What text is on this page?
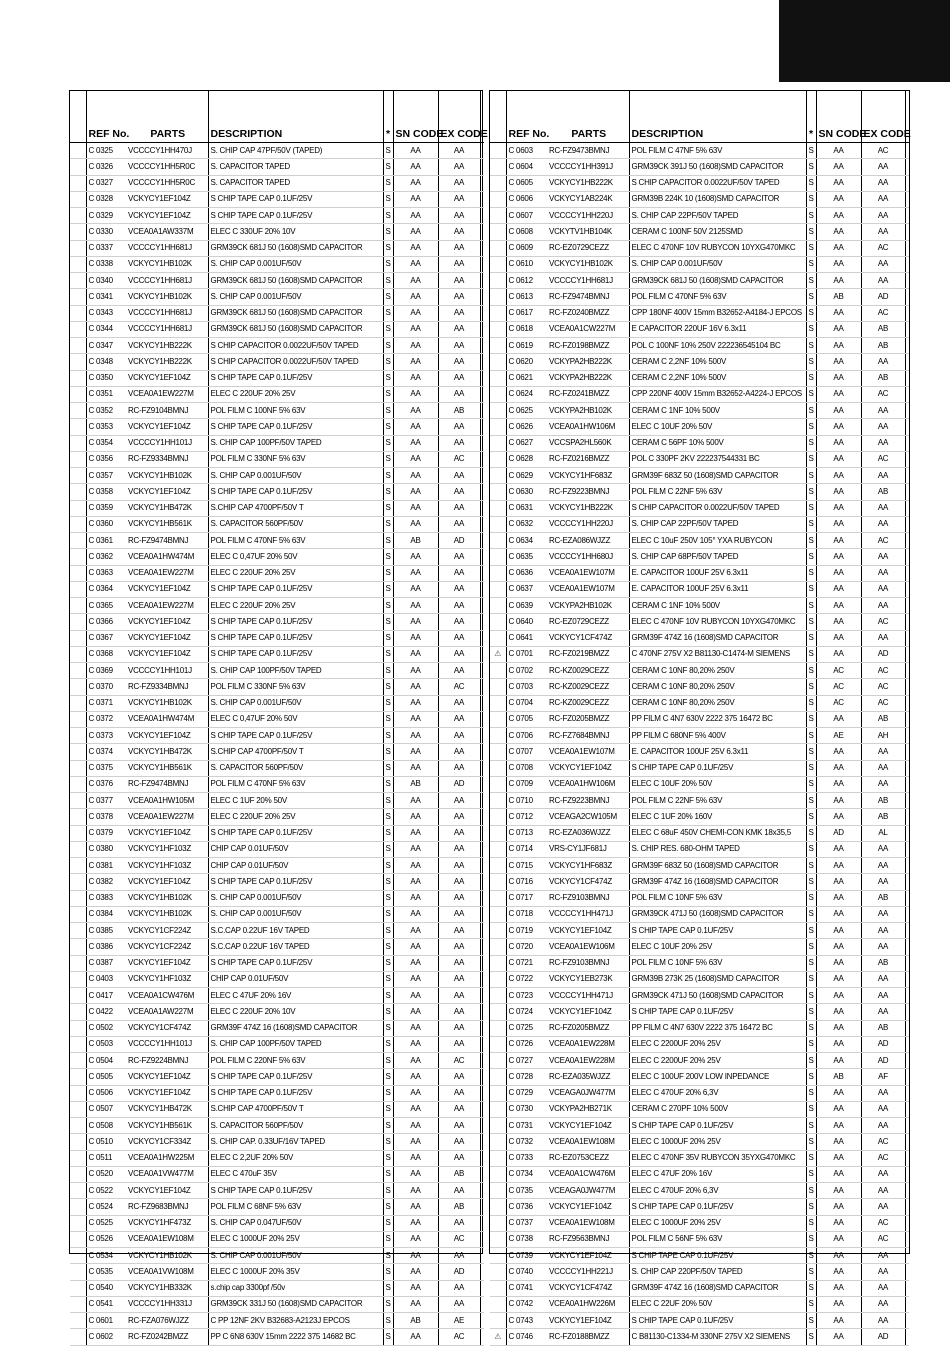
	REF No.	PARTS	DESCRIPTION	*	SN CODE	EX CODE	
	C 0325	VCCCCY1HH470J	S. CHIP CAP 47PF/50V (TAPED)	S	AA	AA	
	C 0326	VCCCCY1HH5R0C	S. CAPACITOR TAPED	S	AA	AA	
	C 0327	VCCCCY1HH5R0C	S. CAPACITOR TAPED	S	AA	AA	
	C 0328	VCKYCY1EF104Z	S CHIP TAPE CAP 0.1UF/25V	S	AA	AA	
	C 0329	VCKYCY1EF104Z	S CHIP TAPE CAP 0.1UF/25V	S	AA	AA	
	C 0330	VCEA0A1AW337M	ELEC C 330UF 20% 10V	S	AA	AA	
	C 0337	VCCCCY1HH681J	GRM39CK 681J 50 (1608)SMD CAPACITOR	S	AA	AA	
	C 0338	VCKYCY1HB102K	S. CHIP CAP 0.001UF/50V	S	AA	AA	
	C 0340	VCCCCY1HH681J	GRM39CK 681J 50 (1608)SMD CAPACITOR	S	AA	AA	
	C 0341	VCKYCY1HB102K	S. CHIP CAP 0.001UF/50V	S	AA	AA	
	C 0343	VCCCCY1HH681J	GRM39CK 681J 50 (1608)SMD CAPACITOR	S	AA	AA	
	C 0344	VCCCCY1HH681J	GRM39CK 681J 50 (1608)SMD CAPACITOR	S	AA	AA	
	C 0347	VCKYCY1HB222K	S CHIP CAPACITOR 0.0022UF/50V TAPED	S	AA	AA	
	C 0348	VCKYCY1HB222K	S CHIP CAPACITOR 0.0022UF/50V TAPED	S	AA	AA	
	C 0350	VCKYCY1EF104Z	S CHIP TAPE CAP 0.1UF/25V	S	AA	AA	
	C 0351	VCEA0A1EW227M	ELEC C 220UF 20% 25V	S	AA	AA	
	C 0352	RC-FZ9104BMNJ	POL FILM C 100NF 5% 63V	S	AA	AB	
	C 0353	VCKYCY1EF104Z	S CHIP TAPE CAP 0.1UF/25V	S	AA	AA	
	C 0354	VCCCCY1HH101J	S. CHIP CAP 100PF/50V TAPED	S	AA	AA	
	C 0356	RC-FZ9334BMNJ	POL FILM C 330NF 5% 63V	S	AA	AC	
	C 0357	VCKYCY1HB102K	S. CHIP CAP 0.001UF/50V	S	AA	AA	
	C 0358	VCKYCY1EF104Z	S CHIP TAPE CAP 0.1UF/25V	S	AA	AA	
	C 0359	VCKYCY1HB472K	S.CHIP CAP 4700PF/50V T	S	AA	AA	
	C 0360	VCKYCY1HB561K	S. CAPACITOR 560PF/50V	S	AA	AA	
	C 0361	RC-FZ9474BMNJ	POL FILM C 470NF 5% 63V	S	AB	AD	
	C 0362	VCEA0A1HW474M	ELEC C 0,47UF 20% 50V	S	AA	AA	
	C 0363	VCEA0A1EW227M	ELEC C 220UF 20% 25V	S	AA	AA	
	C 0364	VCKYCY1EF104Z	S CHIP TAPE CAP 0.1UF/25V	S	AA	AA	
	C 0365	VCEA0A1EW227M	ELEC C 220UF 20% 25V	S	AA	AA	
	C 0366	VCKYCY1EF104Z	S CHIP TAPE CAP 0.1UF/25V	S	AA	AA	
	C 0367	VCKYCY1EF104Z	S CHIP TAPE CAP 0.1UF/25V	S	AA	AA	
	C 0368	VCKYCY1EF104Z	S CHIP TAPE CAP 0.1UF/25V	S	AA	AA	
	C 0369	VCCCCY1HH101J	S. CHIP CAP 100PF/50V TAPED	S	AA	AA	
	C 0370	RC-FZ9334BMNJ	POL FILM C 330NF 5% 63V	S	AA	AC	
	C 0371	VCKYCY1HB102K	S. CHIP CAP 0.001UF/50V	S	AA	AA	
	C 0372	VCEA0A1HW474M	ELEC C 0,47UF 20% 50V	S	AA	AA	
	C 0373	VCKYCY1EF104Z	S CHIP TAPE CAP 0.1UF/25V	S	AA	AA	
	C 0374	VCKYCY1HB472K	S.CHIP CAP 4700PF/50V T	S	AA	AA	
	C 0375	VCKYCY1HB561K	S. CAPACITOR 560PF/50V	S	AA	AA	
	C 0376	RC-FZ9474BMNJ	POL FILM C 470NF 5% 63V	S	AB	AD	
	C 0377	VCEA0A1HW105M	ELEC C 1UF 20% 50V	S	AA	AA	
	C 0378	VCEA0A1EW227M	ELEC C 220UF 20% 25V	S	AA	AA	
	C 0379	VCKYCY1EF104Z	S CHIP TAPE CAP 0.1UF/25V	S	AA	AA	
	C 0380	VCKYCY1HF103Z	CHIP CAP 0.01UF/50V	S	AA	AA	
	C 0381	VCKYCY1HF103Z	CHIP CAP 0.01UF/50V	S	AA	AA	
	C 0382	VCKYCY1EF104Z	S CHIP TAPE CAP 0.1UF/25V	S	AA	AA	
	C 0383	VCKYCY1HB102K	S. CHIP CAP 0.001UF/50V	S	AA	AA	
	C 0384	VCKYCY1HB102K	S. CHIP CAP 0.001UF/50V	S	AA	AA	
	C 0385	VCKYCY1CF224Z	S.C.CAP 0.22UF 16V TAPED	S	AA	AA	
	C 0386	VCKYCY1CF224Z	S.C.CAP 0.22UF 16V TAPED	S	AA	AA	
	C 0387	VCKYCY1EF104Z	S CHIP TAPE CAP 0.1UF/25V	S	AA	AA	
	C 0403	VCKYCY1HF103Z	CHIP CAP 0.01UF/50V	S	AA	AA	
	C 0417	VCEA0A1CW476M	ELEC C 47UF 20% 16V	S	AA	AA	
	C 0422	VCEA0A1AW227M	ELEC C 220UF 20% 10V	S	AA	AA	
	C 0502	VCKYCY1CF474Z	GRM39F 474Z 16 (1608)SMD CAPACITOR	S	AA	AA	
	C 0503	VCCCCY1HH101J	S. CHIP CAP 100PF/50V TAPED	S	AA	AA	
	C 0504	RC-FZ9224BMNJ	POL FILM C 220NF 5% 63V	S	AA	AC	
	C 0505	VCKYCY1EF104Z	S CHIP TAPE CAP 0.1UF/25V	S	AA	AA	
	C 0506	VCKYCY1EF104Z	S CHIP TAPE CAP 0.1UF/25V	S	AA	AA	
	C 0507	VCKYCY1HB472K	S.CHIP CAP 4700PF/50V T	S	AA	AA	
	C 0508	VCKYCY1HB561K	S. CAPACITOR 560PF/50V	S	AA	AA	
	C 0510	VCKYCY1CF334Z	S. CHIP CAP. 0.33UF/16V TAPED	S	AA	AA	
	C 0511	VCEA0A1HW225M	ELEC C 2,2UF 20% 50V	S	AA	AA	
	C 0520	VCEA0A1VW477M	ELEC C 470uF 35V	S	AA	AB	
	C 0522	VCKYCY1EF104Z	S CHIP TAPE CAP 0.1UF/25V	S	AA	AA	
	C 0524	RC-FZ9683BMNJ	POL FILM C 68NF 5% 63V	S	AA	AB	
	C 0525	VCKYCY1HF473Z	S. CHIP CAP 0.047UF/50V	S	AA	AA	
	C 0526	VCEA0A1EW108M	ELEC C 1000UF 20% 25V	S	AA	AC	
	C 0534	VCKYCY1HB102K	S. CHIP CAP 0.001UF/50V	S	AA	AA	
	C 0535	VCEA0A1VW108M	ELEC C 1000UF 20% 35V	S	AA	AD	
	C 0540	VCKYCY1HB332K	s.chip cap 3300pf /50v	S	AA	AA	
	C 0541	VCCCCY1HH331J	GRM39CK 331J 50 (1608)SMD CAPACITOR	S	AA	AA	
	C 0601	RC-FZA076WJZZ	C PP 12NF 2KV B32683-A2123J EPCOS	S	AB	AE	
	C 0602	RC-FZ0242BMZZ	PP C 6N8 630V 15mm 2222 375 14682 BC	S	AA	AC	
	REF No.	PARTS	DESCRIPTION	*	SN CODE	EX CODE	
	C 0603	RC-FZ9473BMNJ	POL FILM C 47NF 5% 63V	S	AA	AC	
	C 0604	VCCCCY1HH391J	GRM39CK 391J 50 (1608)SMD CAPACITOR	S	AA	AA	
	C 0605	VCKYCY1HB222K	S CHIP CAPACITOR 0.0022UF/50V TAPED	S	AA	AA	
	C 0606	VCKYCY1AB224K	GRM39B 224K 10 (1608)SMD CAPACITOR	S	AA	AA	
	C 0607	VCCCCY1HH220J	S. CHIP CAP 22PF/50V TAPED	S	AA	AA	
	C 0608	VCKYTV1HB104K	CERAM C 100NF 50V 2125SMD	S	AA	AA	
	C 0609	RC-EZ0729CEZZ	ELEC C 470NF 10V RUBYCON 10YXG470MKC	S	AA	AC	
	C 0610	VCKYCY1HB102K	S. CHIP CAP 0.001UF/50V	S	AA	AA	
	C 0612	VCCCCY1HH681J	GRM39CK 681J 50 (1608)SMD CAPACITOR	S	AA	AA	
	C 0613	RC-FZ9474BMNJ	POL FILM C 470NF 5% 63V	S	AB	AD	
	C 0617	RC-FZ0240BMZZ	CPP 180NF 400V 15mm B32652-A4184-J EPCOS	S	AA	AC	
	C 0618	VCEA0A1CW227M	E CAPACITOR 220UF 16V 6.3x11	S	AA	AB	
	C 0619	RC-FZ0198BMZZ	POL C 100NF 10% 250V 222236545104 BC	S	AA	AB	
	C 0620	VCKYPA2HB222K	CERAM C 2,2NF 10% 500V	S	AA	AA	
	C 0621	VCKYPA2HB222K	CERAM C 2,2NF 10% 500V	S	AA	AB	
	C 0624	RC-FZ0241BMZZ	CPP 220NF 400V 15mm B32652-A4224-J EPCOS	S	AA	AC	
	C 0625	VCKYPA2HB102K	CERAM C 1NF 10% 500V	S	AA	AA	
	C 0626	VCEA0A1HW106M	ELEC C 10UF 20% 50V	S	AA	AA	
	C 0627	VCCSPA2HL560K	CERAM C 56PF 10% 500V	S	AA	AA	
	C 0628	RC-FZ0216BMZZ	POL C 330PF 2KV 222237544331 BC	S	AA	AC	
	C 0629	VCKYCY1HF683Z	GRM39F 683Z 50 (1608)SMD CAPACITOR	S	AA	AA	
	C 0630	RC-FZ9223BMNJ	POL FILM C 22NF 5% 63V	S	AA	AB	
	C 0631	VCKYCY1HB222K	S CHIP CAPACITOR 0.0022UF/50V TAPED	S	AA	AA	
	C 0632	VCCCCY1HH220J	S. CHIP CAP 22PF/50V TAPED	S	AA	AA	
	C 0634	RC-EZA086WJZZ	ELEC C 10uF 250V 105° YXA RUBYCON	S	AA	AC	
	C 0635	VCCCCY1HH680J	S. CHIP CAP 68PF/50V TAPED	S	AA	AA	
	C 0636	VCEA0A1EW107M	E. CAPACITOR 100UF 25V 6.3x11	S	AA	AA	
	C 0637	VCEA0A1EW107M	E. CAPACITOR 100UF 25V 6.3x11	S	AA	AA	
	C 0639	VCKYPA2HB102K	CERAM C 1NF 10% 500V	S	AA	AA	
	C 0640	RC-EZ0729CEZZ	ELEC C 470NF 10V RUBYCON 10YXG470MKC	S	AA	AC	
	C 0641	VCKYCY1CF474Z	GRM39F 474Z 16 (1608)SMD CAPACITOR	S	AA	AA	
⚠	C 0701	RC-FZ0219BMZZ	C 470NF 275V X2 B81130-C1474-M SIEMENS	S	AA	AD	
	C 0702	RC-KZ0029CEZZ	CERAM C 10NF 80,20% 250V	S	AC	AC	
	C 0703	RC-KZ0029CEZZ	CERAM C 10NF 80,20% 250V	S	AC	AC	
	C 0704	RC-KZ0029CEZZ	CERAM C 10NF 80,20% 250V	S	AC	AC	
	C 0705	RC-FZ0205BMZZ	PP FILM C 4N7 630V 2222 375 16472 BC	S	AA	AB	
	C 0706	RC-FZ7684BMNJ	PP FILM C 680NF 5% 400V	S	AE	AH	
	C 0707	VCEA0A1EW107M	E. CAPACITOR 100UF 25V 6.3x11	S	AA	AA	
	C 0708	VCKYCY1EF104Z	S CHIP TAPE CAP 0.1UF/25V	S	AA	AA	
	C 0709	VCEA0A1HW106M	ELEC C 10UF 20% 50V	S	AA	AA	
	C 0710	RC-FZ9223BMNJ	POL FILM C 22NF 5% 63V	S	AA	AB	
	C 0712	VCEAGA2CW105M	ELEC C 1UF 20% 160V	S	AA	AB	
	C 0713	RC-EZA036WJZZ	ELEC C 68uF 450V CHEMI-CON KMK 18x35,5	S	AD	AL	
	C 0714	VRS-CY1JF681J	S. CHIP RES. 680-OHM TAPED	S	AA	AA	
	C 0715	VCKYCY1HF683Z	GRM39F 683Z 50 (1608)SMD CAPACITOR	S	AA	AA	
	C 0716	VCKYCY1CF474Z	GRM39F 474Z 16 (1608)SMD CAPACITOR	S	AA	AA	
	C 0717	RC-FZ9103BMNJ	POL FILM C 10NF 5% 63V	S	AA	AB	
	C 0718	VCCCCY1HH471J	GRM39CK 471J 50 (1608)SMD CAPACITOR	S	AA	AA	
	C 0719	VCKYCY1EF104Z	S CHIP TAPE CAP 0.1UF/25V	S	AA	AA	
	C 0720	VCEA0A1EW106M	ELEC C 10UF 20% 25V	S	AA	AA	
	C 0721	RC-FZ9103BMNJ	POL FILM C 10NF 5% 63V	S	AA	AB	
	C 0722	VCKYCY1EB273K	GRM39B 273K 25 (1608)SMD CAPACITOR	S	AA	AA	
	C 0723	VCCCCY1HH471J	GRM39CK 471J 50 (1608)SMD CAPACITOR	S	AA	AA	
	C 0724	VCKYCY1EF104Z	S CHIP TAPE CAP 0.1UF/25V	S	AA	AA	
	C 0725	RC-FZ0205BMZZ	PP FILM C 4N7 630V 2222 375 16472 BC	S	AA	AB	
	C 0726	VCEA0A1EW228M	ELEC C 2200UF 20% 25V	S	AA	AD	
	C 0727	VCEA0A1EW228M	ELEC C 2200UF 20% 25V	S	AA	AD	
	C 0728	RC-EZA035WJZZ	ELEC C 100UF 200V LOW INPEDANCE	S	AB	AF	
	C 0729	VCEAGA0JW477M	ELEC C 470UF 20% 6,3V	S	AA	AA	
	C 0730	VCKYPA2HB271K	CERAM C 270PF 10% 500V	S	AA	AA	
	C 0731	VCKYCY1EF104Z	S CHIP TAPE CAP 0.1UF/25V	S	AA	AA	
	C 0732	VCEA0A1EW108M	ELEC C 1000UF 20% 25V	S	AA	AC	
	C 0733	RC-EZ0753CEZZ	ELEC C 470NF 35V RUBYCON 35YXG470MKC	S	AA	AC	
	C 0734	VCEA0A1CW476M	ELEC C 47UF 20% 16V	S	AA	AA	
	C 0735	VCEAGA0JW477M	ELEC C 470UF 20% 6,3V	S	AA	AA	
	C 0736	VCKYCY1EF104Z	S CHIP TAPE CAP 0.1UF/25V	S	AA	AA	
	C 0737	VCEA0A1EW108M	ELEC C 1000UF 20% 25V	S	AA	AC	
	C 0738	RC-FZ9563BMNJ	POL FILM C 56NF 5% 63V	S	AA	AC	
	C 0739	VCKYCY1EF104Z	S CHIP TAPE CAP 0.1UF/25V	S	AA	AA	
	C 0740	VCCCCY1HH221J	S. CHIP CAP 220PF/50V TAPED	S	AA	AA	
	C 0741	VCKYCY1CF474Z	GRM39F 474Z 16 (1608)SMD CAPACITOR	S	AA	AA	
	C 0742	VCEA0A1HW226M	ELEC C 22UF 20% 50V	S	AA	AA	
	C 0743	VCKYCY1EF104Z	S CHIP TAPE CAP 0.1UF/25V	S	AA	AA	
⚠	C 0746	RC-FZ0188BMZZ	C B81130-C1334-M 330NF 275V X2 SIEMENS	S	AA	AD	
